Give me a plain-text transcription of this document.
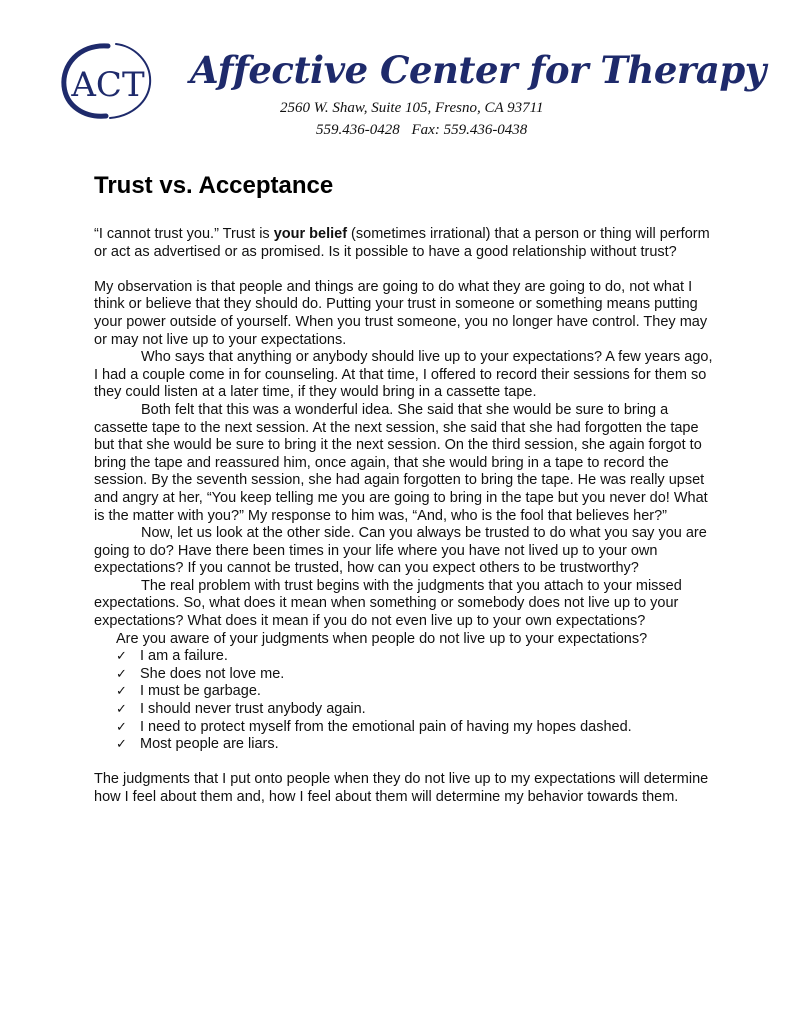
ACT Affective Center for Therapy
2560 W. Shaw, Suite 105, Fresno, CA 93711
559.436-0428 Fax: 559.436-0438
Trust vs. Acceptance

“I cannot trust you.” Trust is your belief (sometimes irrational) that a person or thing will perform or act as advertised or as promised. Is it possible to have a good relationship without trust?

My observation is that people and things are going to do what they are going to do, not what I think or believe that they should do. Putting your trust in someone or something means putting your power outside of yourself. When you trust someone, you no longer have control. They may or may not live up to your expectations.

Who says that anything or anybody should live up to your expectations? A few years ago, I had a couple come in for counseling. At that time, I offered to record their sessions for them so they could listen at a later time, if they would bring in a cassette tape.

Both felt that this was a wonderful idea. She said that she would be sure to bring a cassette tape to the next session. At the next session, she said that she had forgotten the tape but that she would be sure to bring it the next session. On the third session, she again forgot to bring the tape and reassured him, once again, that she would bring in a tape to record the session. By the seventh session, she had again forgotten to bring the tape. He was really upset and angry at her, “You keep telling me you are going to bring in the tape but you never do! What is the matter with you?” My response to him was, “And, who is the fool that believes her?”

Now, let us look at the other side. Can you always be trusted to do what you say you are going to do? Have there been times in your life where you have not lived up to your own expectations? If you cannot be trusted, how can you expect others to be trustworthy?

The real problem with trust begins with the judgments that you attach to your missed expectations. So, what does it mean when something or somebody does not live up to your expectations? What does it mean if you do not even live up to your own expectations?

Are you aware of your judgments when people do not live up to your expectations?

✓ I am a failure.
✓ She does not love me.
✓ I must be garbage.
✓ I should never trust anybody again.
✓ I need to protect myself from the emotional pain of having my hopes dashed.
✓ Most people are liars.

The judgments that I put onto people when they do not live up to my expectations will determine how I feel about them and, how I feel about them will determine my behavior towards them.
